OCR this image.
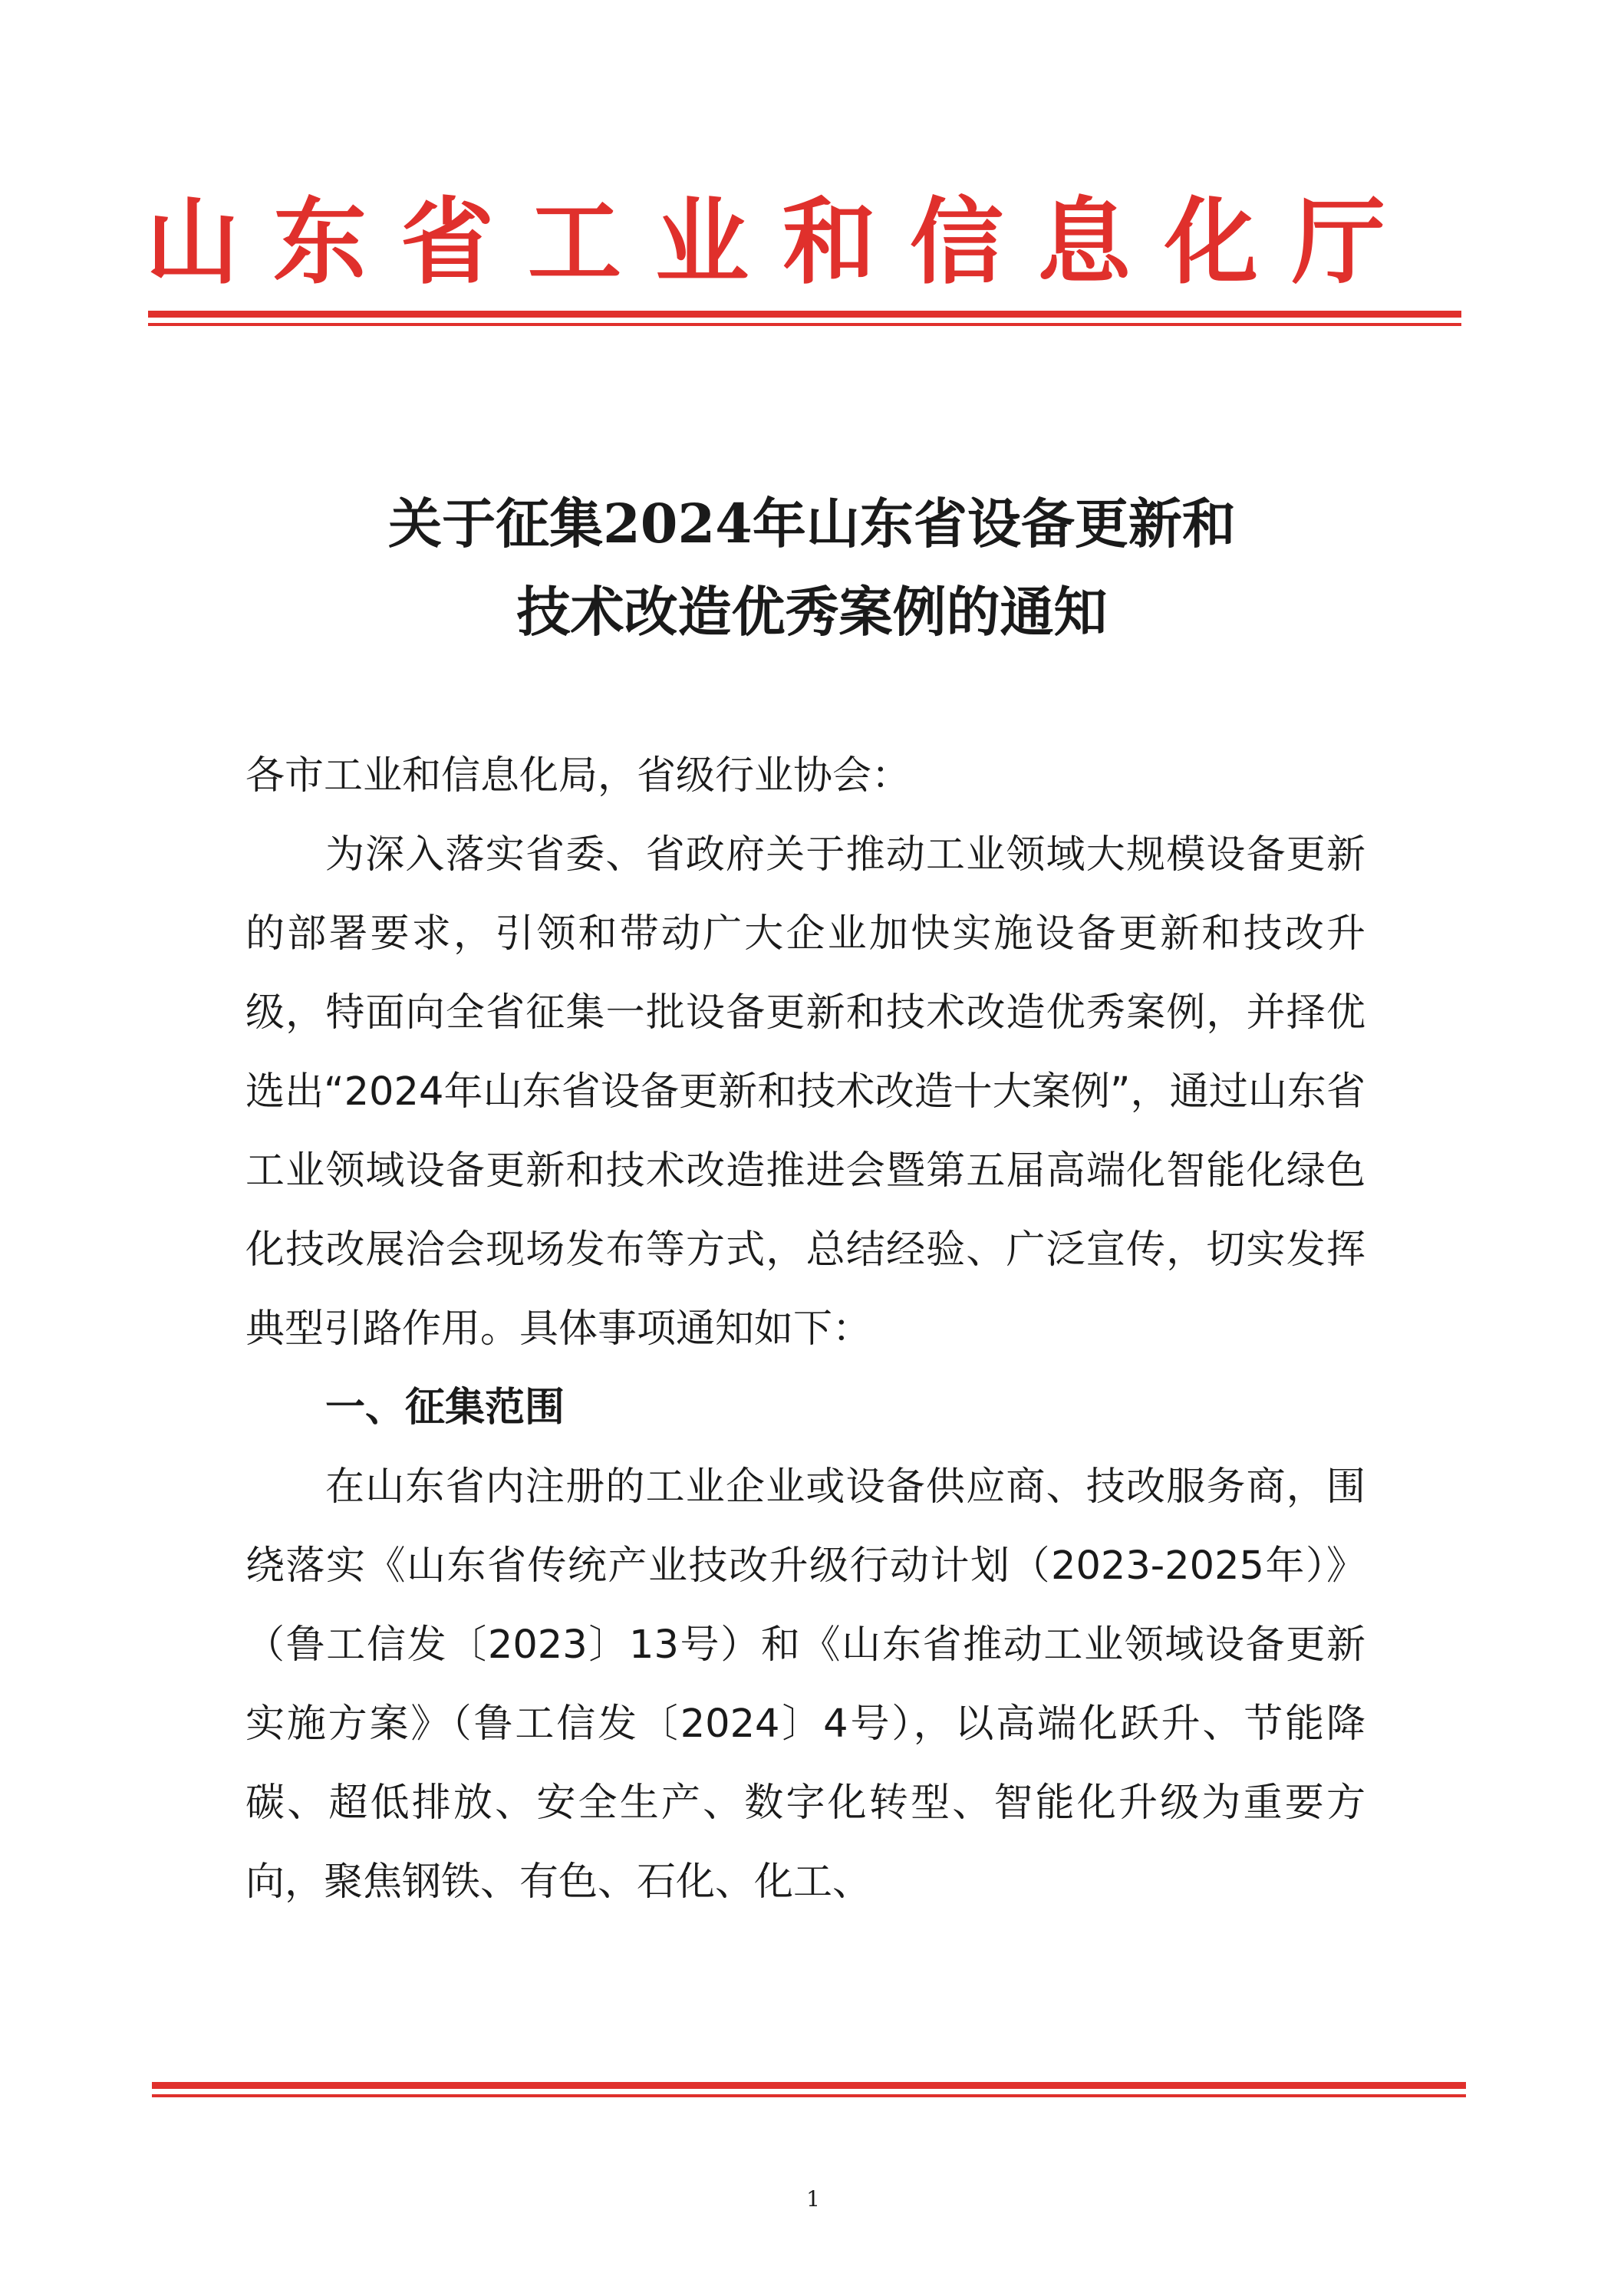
山东省工业和信息化厅
关于征集2024年山东省设备更新和
技术改造优秀案例的通知

各市工业和信息化局，省级行业协会：

为深入落实省委、省政府关于推动工业领域大规模设备更新的部署要求，引领和带动广大企业加快实施设备更新和技改升级，特面向全省征集一批设备更新和技术改造优秀案例，并择优选出“2024年山东省设备更新和技术改造十大案例”，通过山东省工业领域设备更新和技术改造推进会暨第五届高端化智能化绿色化技改展洽会现场发布等方式，总结经验、广泛宣传，切实发挥典型引路作用。具体事项通知如下：

一、征集范围

在山东省内注册的工业企业或设备供应商、技改服务商，围绕落实《山东省传统产业技改升级行动计划（2023-2025年）》（鲁工信发〔2023〕13号）和《山东省推动工业领域设备更新实施方案》（鲁工信发〔2024〕4号），以高端化跃升、节能降碳、超低排放、安全生产、数字化转型、智能化升级为重要方向，聚焦钢铁、有色、石化、化工、

1
